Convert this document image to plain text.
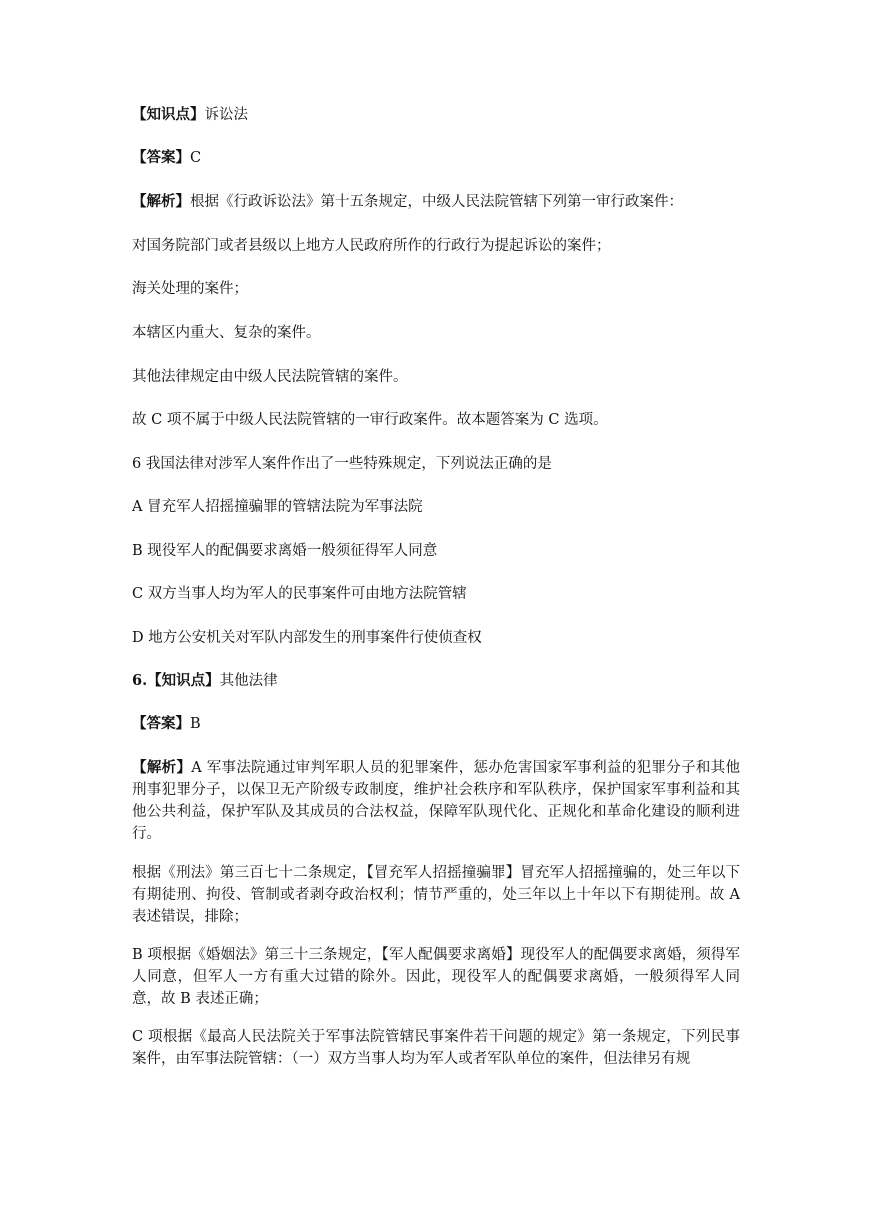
【知识点】诉讼法

【答案】C

【解析】根据《行政诉讼法》第十五条规定，中级人民法院管辖下列第一审行政案件：

对国务院部门或者县级以上地方人民政府所作的行政行为提起诉讼的案件；

海关处理的案件；

本辖区内重大、复杂的案件。

其他法律规定由中级人民法院管辖的案件。

故 C 项不属于中级人民法院管辖的一审行政案件。故本题答案为 C 选项。

6 我国法律对涉军人案件作出了一些特殊规定，下列说法正确的是

A 冒充军人招摇撞骗罪的管辖法院为军事法院

B 现役军人的配偶要求离婚一般须征得军人同意

C 双方当事人均为军人的民事案件可由地方法院管辖

D 地方公安机关对军队内部发生的刑事案件行使侦查权

6.【知识点】其他法律

【答案】B

【解析】A 军事法院通过审判军职人员的犯罪案件，惩办危害国家军事利益的犯罪分子和其他刑事犯罪分子，以保卫无产阶级专政制度，维护社会秩序和军队秩序，保护国家军事利益和其他公共利益，保护军队及其成员的合法权益，保障军队现代化、正规化和革命化建设的顺利进行。

根据《刑法》第三百七十二条规定，【冒充军人招摇撞骗罪】冒充军人招摇撞骗的，处三年以下有期徒刑、拘役、管制或者剥夺政治权利；情节严重的，处三年以上十年以下有期徒刑。故 A 表述错误，排除；

B 项根据《婚姻法》第三十三条规定，【军人配偶要求离婚】现役军人的配偶要求离婚，须得军人同意，但军人一方有重大过错的除外。因此，现役军人的配偶要求离婚，一般须得军人同意，故 B 表述正确；

C 项根据《最高人民法院关于军事法院管辖民事案件若干问题的规定》第一条规定，下列民事案件，由军事法院管辖：（一）双方当事人均为军人或者军队单位的案件，但法律另有规
